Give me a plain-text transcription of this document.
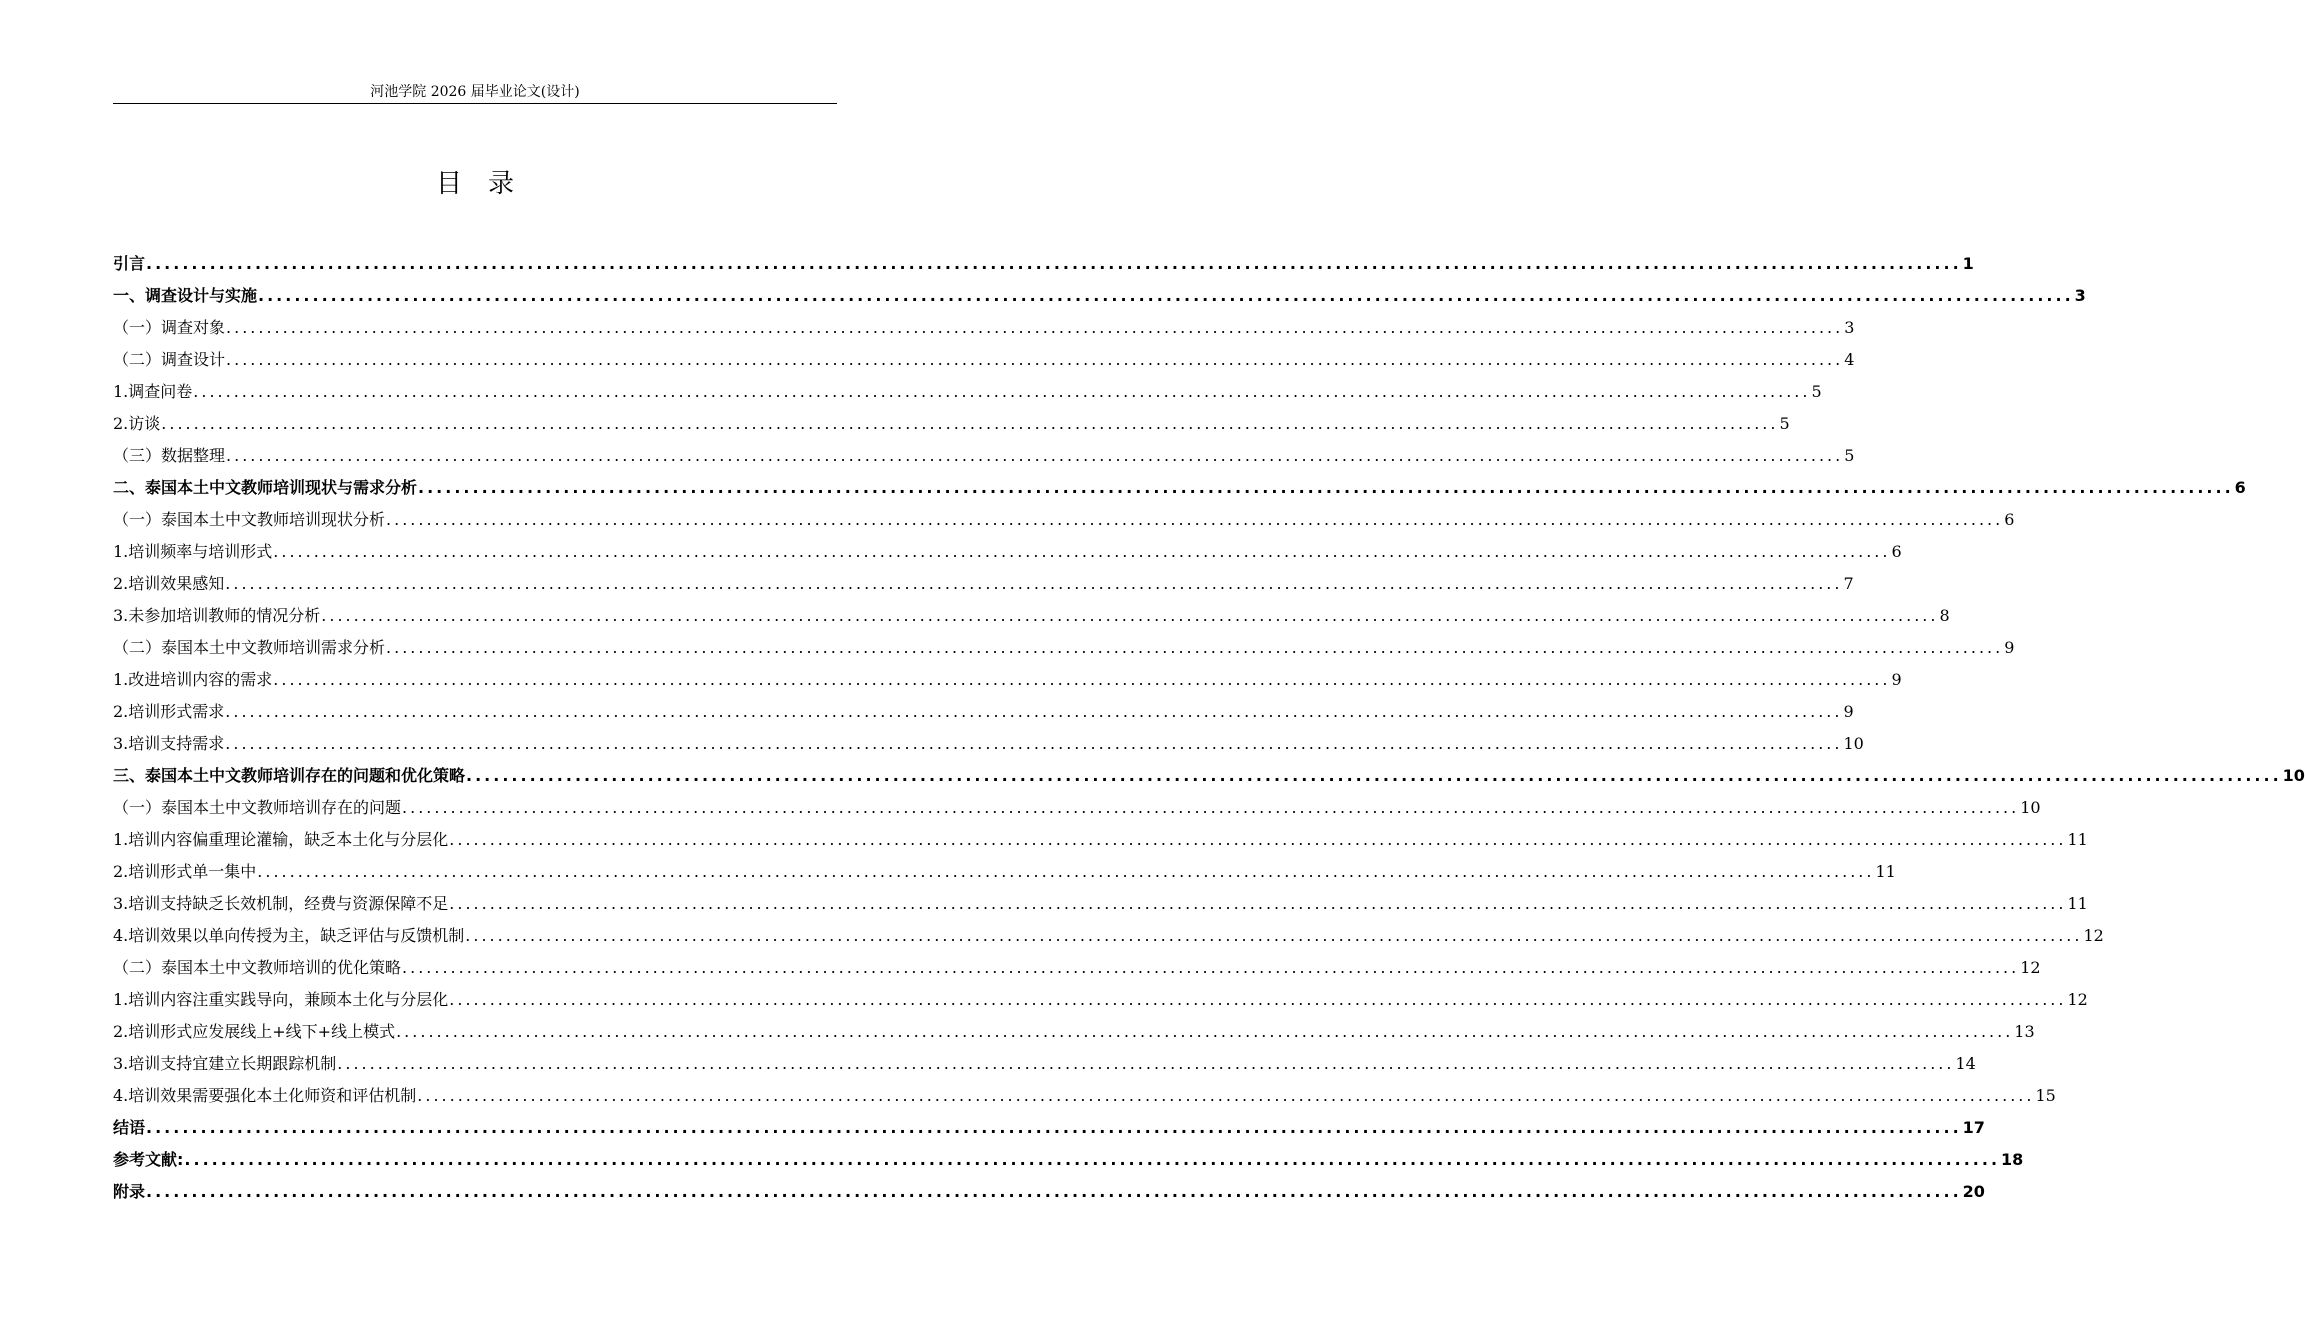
河池学院 2026 届毕业论文(设计)
目录
引言 ........................................................................................................................................................................................................ 1
一、调查设计与实施 ........................................................................................................................................................................................................ 3
（一）调查对象 ........................................................................................................................................................................................................ 3
（二）调查设计 ........................................................................................................................................................................................................ 4
1.调查问卷 ........................................................................................................................................................................................................ 5
2.访谈 ........................................................................................................................................................................................................ 5
（三）数据整理 ........................................................................................................................................................................................................ 5
二、泰国本土中文教师培训现状与需求分析 ........................................................................................................................................................................................................ 6
（一）泰国本土中文教师培训现状分析 ........................................................................................................................................................................................................ 6
1.培训频率与培训形式 ........................................................................................................................................................................................................ 6
2.培训效果感知 ........................................................................................................................................................................................................ 7
3.未参加培训教师的情况分析 ........................................................................................................................................................................................................ 8
（二）泰国本土中文教师培训需求分析 ........................................................................................................................................................................................................ 9
1.改进培训内容的需求 ........................................................................................................................................................................................................ 9
2.培训形式需求 ........................................................................................................................................................................................................ 9
3.培训支持需求 ........................................................................................................................................................................................................ 10
三、泰国本土中文教师培训存在的问题和优化策略 ........................................................................................................................................................................................................ 10
（一）泰国本土中文教师培训存在的问题 ........................................................................................................................................................................................................ 10
1.培训内容偏重理论灌输，缺乏本土化与分层化 ........................................................................................................................................................................................................ 11
2.培训形式单一集中 ........................................................................................................................................................................................................ 11
3.培训支持缺乏长效机制，经费与资源保障不足 ........................................................................................................................................................................................................ 11
4.培训效果以单向传授为主，缺乏评估与反馈机制 ........................................................................................................................................................................................................ 12
（二）泰国本土中文教师培训的优化策略 ........................................................................................................................................................................................................ 12
1.培训内容注重实践导向，兼顾本土化与分层化 ........................................................................................................................................................................................................ 12
2.培训形式应发展线上+线下+线上模式 ........................................................................................................................................................................................................ 13
3.培训支持宜建立长期跟踪机制 ........................................................................................................................................................................................................ 14
4.培训效果需要强化本土化师资和评估机制 ........................................................................................................................................................................................................ 15
结语 ........................................................................................................................................................................................................ 17
参考文献: ........................................................................................................................................................................................................ 18
附录 ........................................................................................................................................................................................................ 20
